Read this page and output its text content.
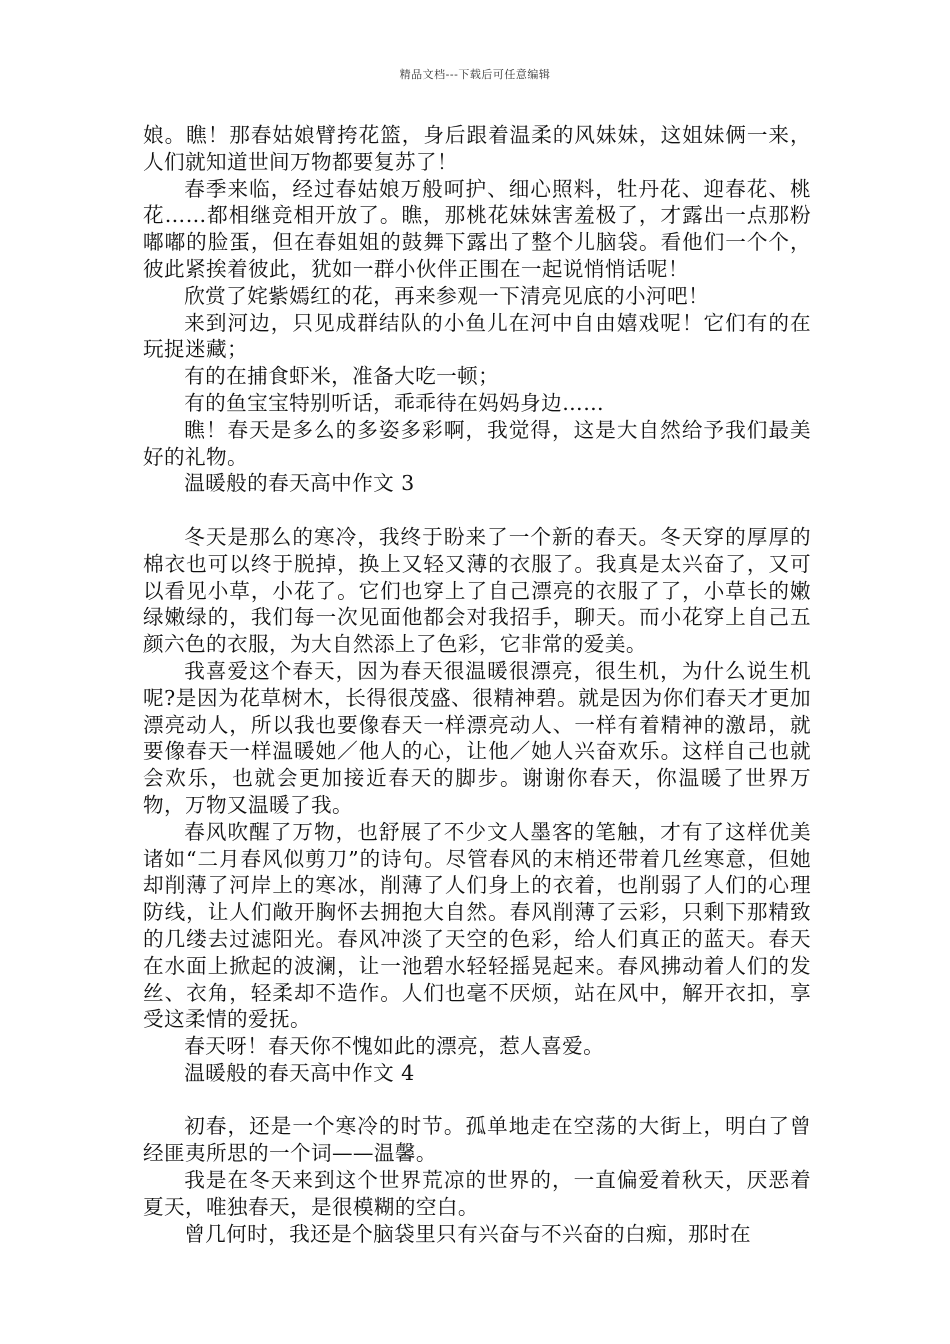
精品文档---下载后可任意编辑

娘。瞧！那春姑娘臂挎花篮，身后跟着温柔的风妹妹，这姐妹俩一来，人们就知道世间万物都要复苏了！

春季来临，经过春姑娘万般呵护、细心照料，牡丹花、迎春花、桃花……都相继竞相开放了。瞧，那桃花妹妹害羞极了，才露出一点那粉嘟嘟的脸蛋，但在春姐姐的鼓舞下露出了整个儿脑袋。看他们一个个，彼此紧挨着彼此，犹如一群小伙伴正围在一起说悄悄话呢！

欣赏了姹紫嫣红的花，再来参观一下清亮见底的小河吧！

来到河边，只见成群结队的小鱼儿在河中自由嬉戏呢！它们有的在玩捉迷藏；

有的在捕食虾米，准备大吃一顿；

有的鱼宝宝特别听话，乖乖待在妈妈身边……

瞧！春天是多么的多姿多彩啊，我觉得，这是大自然给予我们最美好的礼物。

温暖般的春天高中作文 3

冬天是那么的寒冷，我终于盼来了一个新的春天。冬天穿的厚厚的棉衣也可以终于脱掉，换上又轻又薄的衣服了。我真是太兴奋了，又可以看见小草，小花了。它们也穿上了自己漂亮的衣服了了，小草长的嫩绿嫩绿的，我们每一次见面他都会对我招手，聊天。而小花穿上自己五颜六色的衣服，为大自然添上了色彩，它非常的爱美。

我喜爱这个春天，因为春天很温暖很漂亮，很生机，为什么说生机呢?是因为花草树木，长得很茂盛、很精神碧。就是因为你们春天才更加漂亮动人，所以我也要像春天一样漂亮动人、一样有着精神的激昂，就要像春天一样温暖她／他人的心，让他／她人兴奋欢乐。这样自己也就会欢乐，也就会更加接近春天的脚步。谢谢你春天，你温暖了世界万物，万物又温暖了我。

春风吹醒了万物，也舒展了不少文人墨客的笔触，才有了这样优美诸如“二月春风似剪刀”的诗句。尽管春风的末梢还带着几丝寒意，但她却削薄了河岸上的寒冰，削薄了人们身上的衣着，也削弱了人们的心理防线，让人们敞开胸怀去拥抱大自然。春风削薄了云彩，只剩下那精致的几缕去过滤阳光。春风冲淡了天空的色彩，给人们真正的蓝天。春天在水面上掀起的波澜，让一池碧水轻轻摇晃起来。春风拂动着人们的发丝、衣角，轻柔却不造作。人们也毫不厌烦，站在风中，解开衣扣，享受这柔情的爱抚。

春天呀！春天你不愧如此的漂亮，惹人喜爱。

温暖般的春天高中作文 4

初春，还是一个寒冷的时节。孤单地走在空荡的大街上，明白了曾经匪夷所思的一个词——温馨。

我是在冬天来到这个世界荒凉的世界的，一直偏爱着秋天，厌恶着夏天，唯独春天，是很模糊的空白。

曾几何时，我还是个脑袋里只有兴奋与不兴奋的白痴，那时在
